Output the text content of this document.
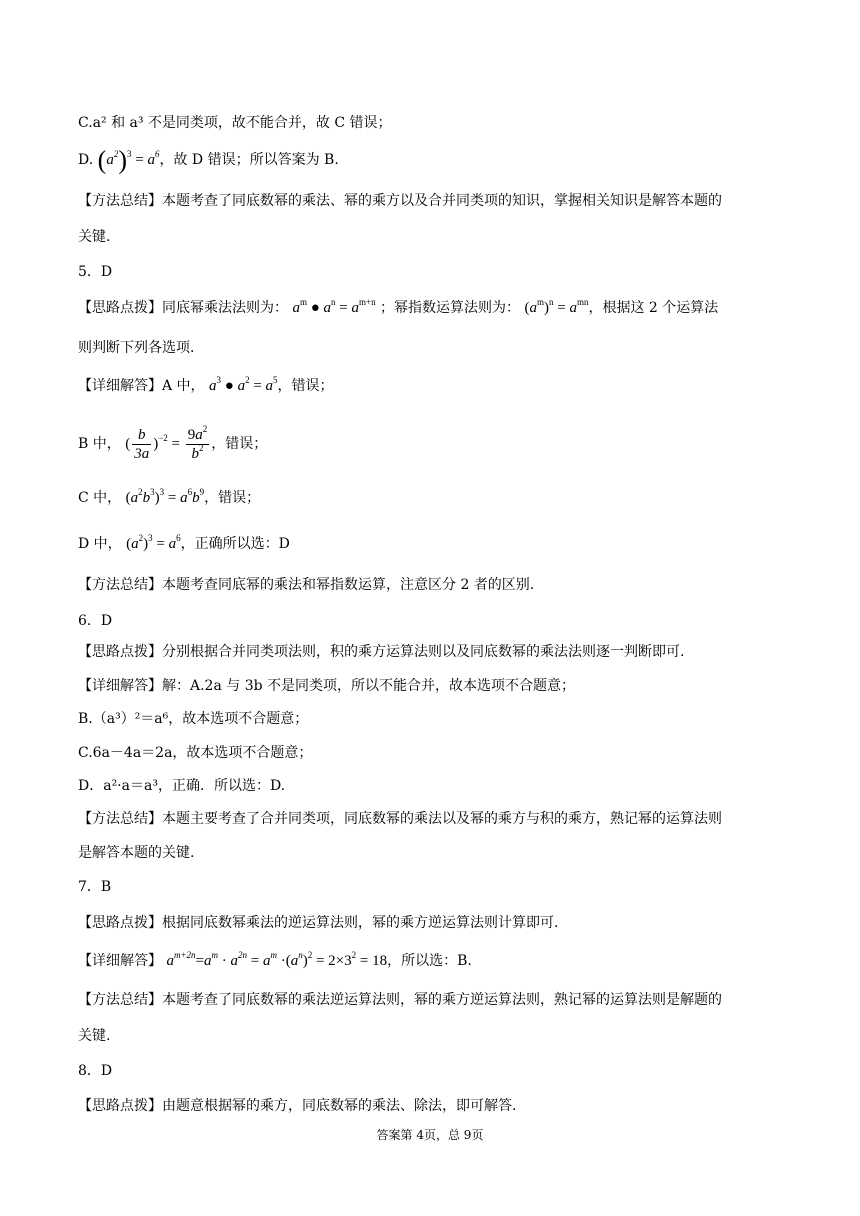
C.a² 和 a³ 不是同类项，故不能合并，故 C 错误；
D. $(a^2)^3 = a^6$，故 D 错误；所以答案为 B.
【方法总结】本题考查了同底数幂的乘法、幂的乘方以及合并同类项的知识，掌握相关知识是解答本题的
关键.
5．D
【思路点拨】同底幂乘法法则为： $a^m$ ● $a^n = a^{m+n}$ ；幂指数运算法则为： $(a^m)^n = a^{mn}$，根据这 2 个运算法
则判断下列各选项.
【详细解答】A 中， $a^3$ ● $a^2 = a^5$，错误；
B 中， ( $\frac{b}{3a} )^{-2} = \frac{9a^2}{b^2}$ ，错误；
C 中， $(a^2b^3)^3 = a^6b^9$，错误；
D 中， $(a^2)^3 = a^6$，正确所以选：D
【方法总结】本题考查同底幂的乘法和幂指数运算，注意区分 2 者的区别.
6．D
【思路点拨】分别根据合并同类项法则，积的乘方运算法则以及同底数幂的乘法法则逐一判断即可.
【详细解答】解：A.2a 与 3b 不是同类项，所以不能合并，故本选项不合题意；
B.（a³）²＝a⁶，故本选项不合题意；
C.6a－4a＝2a，故本选项不合题意；
D．a²·a＝a³，正确．所以选：D.
【方法总结】本题主要考查了合并同类项，同底数幂的乘法以及幂的乘方与积的乘方，熟记幂的运算法则
是解答本题的关键.
7．B
【思路点拨】根据同底数幂乘法的逆运算法则，幂的乘方逆运算法则计算即可.
【详细解答】 $a^{m+2n}=a^m \cdot a^{2n} = a^m \cdot(a^n)^2 = 2\times 3^2 = 18$，所以选：B.
【方法总结】本题考查了同底数幂的乘法逆运算法则，幂的乘方逆运算法则，熟记幂的运算法则是解题的
关键.
8．D
【思路点拨】由题意根据幂的乘方，同底数幂的乘法、除法，即可解答.
答案第 4页，总 9页
